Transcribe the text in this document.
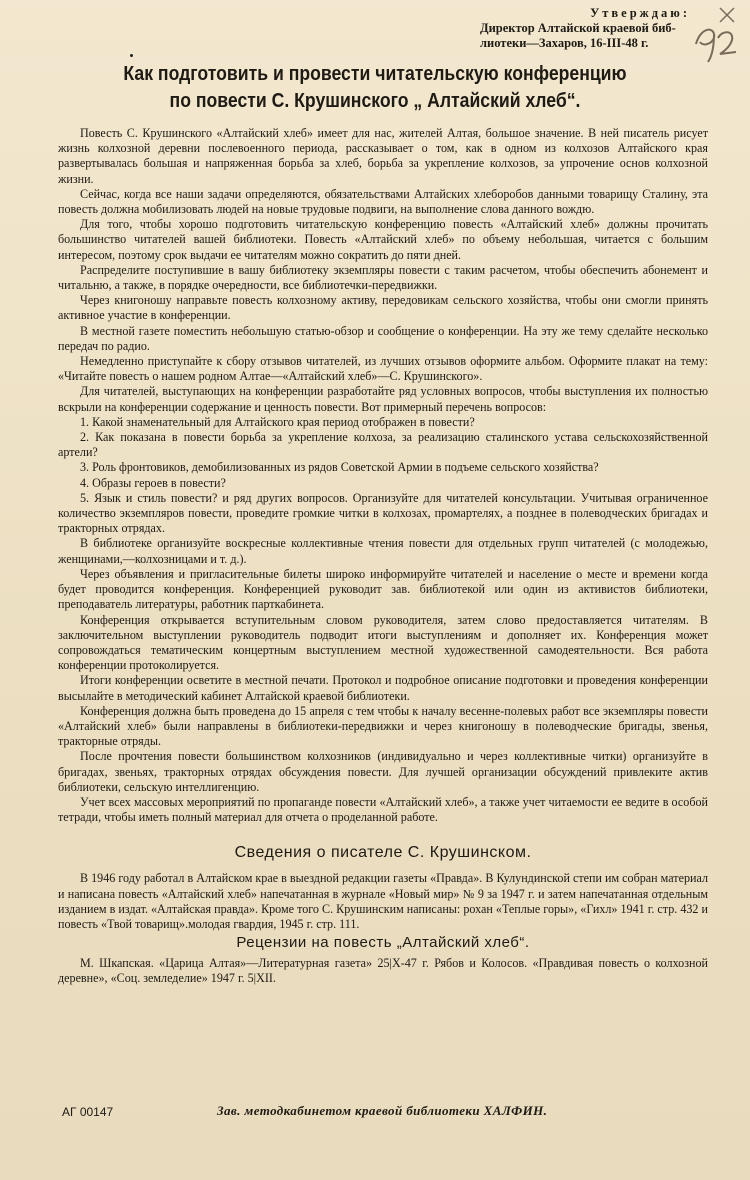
Утверждаю:
Директор Алтайской краевой биб-
лиотеки—Захаров, 16-III-48 г.
Как подготовить и провести читательскую конференцию
по повести С. Крушинского „ Алтайский хлеб“.

Повесть С. Крушинского «Алтайский хлеб» имеет для нас, жителей Алтая, большое значение. В ней писатель рисует жизнь колхозной деревни послевоенного периода, рассказывает о том, как в одном из колхозов Алтайского края развертывалась большая и напряженная борьба за хлеб, борьба за укрепление колхозов, за упрочение основ колхозной жизни.

Сейчас, когда все наши задачи определяются, обязательствами Алтайских хлеборобов данными товарищу Сталину, эта повесть должна мобилизовать людей на новые трудовые подвиги, на выполнение слова данного вождю.

Для того, чтобы хорошо подготовить читательскую конференцию повесть «Алтайский хлеб» должны прочитать большинство читателей вашей библиотеки. Повесть «Алтайский хлеб» по объему небольшая, читается с большим интересом, поэтому срок выдачи ее читателям можно сократить до пяти дней.

Распределите поступившие в вашу библиотеку экземпляры повести с таким расчетом, чтобы обеспечить абонемент и читальню, а также, в порядке очередности, все библиотечки-передвижки.

Через книгоношу направьте повесть колхозному активу, передовикам сельского хозяйства, чтобы они смогли принять активное участие в конференции.

В местной газете поместить небольшую статью-обзор и сообщение о конференции. На эту же тему сделайте несколько передач по радио.

Немедленно приступайте к сбору отзывов читателей, из лучших отзывов оформите альбом. Оформите плакат на тему: «Читайте повесть о нашем родном Алтае—«Алтайский хлеб»—С. Крушинского».

Для читателей, выступающих на конференции разработайте ряд условных вопросов, чтобы выступления их полностью вскрыли на конференции содержание и ценность повести. Вот примерный перечень вопросов:

1. Какой знаменательный для Алтайского края период отображен в повести?

2. Как показана в повести борьба за укрепление колхоза, за реализацию сталинского устава сельскохозяйственной артели?

3. Роль фронтовиков, демобилизованных из рядов Советской Армии в подъеме сельского хозяйства?

4. Образы героев в повести?

5. Язык и стиль повести? и ряд других вопросов. Организуйте для читателей консультации. Учитывая ограниченное количество экземпляров повести, проведите громкие читки в колхозах, промартелях, а позднее в полеводческих бригадах и тракторных отрядах.

В библиотеке организуйте воскресные коллективные чтения повести для отдельных групп читателей (с молодежью, женщинами,—колхозницами и т. д.).

Через объявления и пригласительные билеты широко информируйте читателей и население о месте и времени когда будет проводится конференция. Конференцией руководит зав. библиотекой или один из активистов библиотеки, преподаватель литературы, работник парткабинета.

Конференция открывается вступительным словом руководителя, затем слово предоставляется читателям. В заключительном выступлении руководитель подводит итоги выступлениям и дополняет их. Конференция может сопровождаться тематическим концертным выступлением местной художественной самодеятельности. Вся работа конференции протоколируется.

Итоги конференции осветите в местной печати. Протокол и подробное описание подготовки и проведения конференции высылайте в методический кабинет Алтайской краевой библиотеки.

Конференция должна быть проведена до 15 апреля с тем чтобы к началу весенне-полевых работ все экземпляры повести «Алтайский хлеб» были направлены в библиотеки-передвижки и через книгоношу в полеводческие бригады, звенья, тракторные отряды.

После прочтения повести большинством колхозников (индивидуально и через коллективные читки) организуйте в бригадах, звеньях, тракторных отрядах обсуждения повести. Для лучшей организации обсуждений привлеките актив библиотеки, сельскую интеллигенцию.

Учет всех массовых мероприятий по пропаганде повести «Алтайский хлеб», а также учет читаемости ее ведите в особой тетради, чтобы иметь полный материал для отчета о проделанной работе.

Сведения о писателе С. Крушинском.

В 1946 году работал в Алтайском крае в выездной редакции газеты «Правда». В Кулундинской степи им собран материал и написана повесть «Алтайский хлеб» напечатанная в журнале «Новый мир» № 9 за 1947 г. и затем напечатанная отдельным изданием в издат. «Алтайская правда». Кроме того С. Крушинским написаны: рохан «Теплые горы», «Гихл» 1941 г. стр. 432 и повесть «Твой товарищ».молодая гвардия, 1945 г. стр. 111.

Рецензии на повесть „Алтайский хлеб“.

М. Шкапская. «Царица Алтая»—Литературная газета» 25|Х-47 г. Рябов и Колосов. «Правдивая повесть о колхозной деревне», «Соц. земледелие» 1947 г. 5|XII.

АГ 00147	Зав. методкабинетом краевой библиотеки ХАЛФИН.
